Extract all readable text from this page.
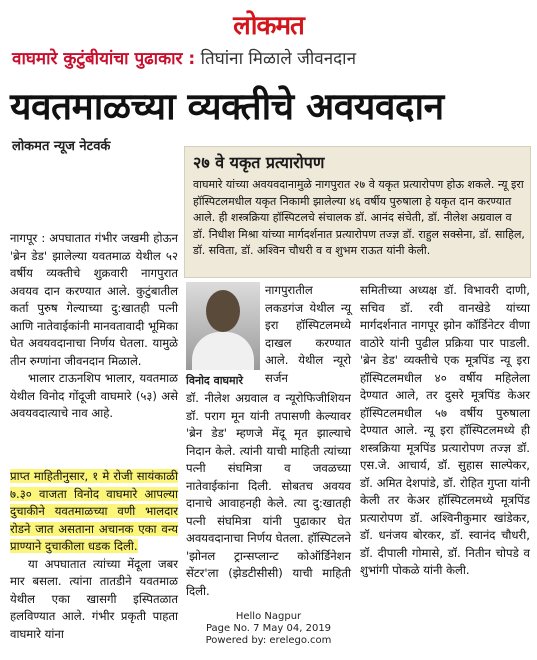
लोकमत
वाघमारे कुटुंबीयांचा पुढाकार : तिघांना मिळाले जीवनदान
यवतमाळच्या व्यक्तीचे अवयवदान
लोकमत न्यूज नेटवर्क
२७ वे यकृत प्रत्यारोपण
वाघमारे यांच्या अवयवदानामुळे नागपुरात २७ वे यकृत प्रत्यारोपण होऊ शकले. न्यू इरा हॉस्पिटलमधील यकृत निकामी झालेल्या ४६ वर्षीय पुरुषाला हे यकृत दान करण्यात आले. ही शस्त्रक्रिया हॉस्पिटलचे संचालक डॉ. आनंद संचेती, डॉ. नीलेश अग्रवाल व डॉ. निधीश मिश्रा यांच्या मार्गदर्शनात प्रत्यारोपण तज्ज्ञ डॉ. राहुल सक्सेना, डॉ. साहिल, डॉ. सविता, डॉ. अश्विन चौधरी व व शुभम राऊत यांनी केली.

नागपूर : अपघातात गंभीर जखमी होऊन 'ब्रेन डेड' झालेल्या यवतमाळ येथील ५२ वर्षीय व्यक्तीचे शुक्रवारी नागपुरात अवयव दान करण्यात आले. कुटुंबातील कर्ता पुरुष गेल्याच्या दु:खातही पत्नी आणि नातेवाईकांनी मानवतावादी भूमिका घेत अवयवदानाचा निर्णय घेतला. यामुळे तीन रुग्णांना जीवनदान मिळाले.

भालार टाऊनशिप भालार, यवतमाळ येथील विनोद गोंदूजी वाघमारे (५३) असे अवयवदात्याचे नाव आहे.

प्राप्त माहितीनुसार, १ मे रोजी सायंकाळी ७.३० वाजता विनोद वाघमारे आपल्या दुचाकीने यवतमाळच्या वणी भालदार रोडने जात असताना अचानक एका वन्य प्राण्याने दुचाकीला धडक दिली.

या अपघातात त्यांच्या मेंदूला जबर मार बसला. त्यांना तातडीने यवतमाळ येथील एका खासगी इस्पितळात हलविण्यात आले. गंभीर प्रकृती पाहता वाघमारे यांना

विनोद वाघमारे

नागपुरातील लकडगंज येथील न्यू इरा हॉस्पिटलमध्ये दाखल करण्यात आले. येथील न्यूरो सर्जन

डॉ. नीलेश अग्रवाल व न्यूरोफिजीशियन डॉ. पराग मून यांनी तपासणी केल्यावर 'ब्रेन डेड' म्हणजे मेंदू मृत झाल्याचे निदान केले. त्यांनी याची माहिती त्यांच्या पत्नी संघमित्रा व जवळच्या नातेवाईकांना दिली. सोबतच अवयव दानाचे आवाहनही केले. त्या दु:खातही पत्नी संघमित्रा यांनी पुढाकार घेत अवयवदानाचा निर्णय घेतला. हॉस्पिटलने 'झोनल ट्रान्सप्लान्ट कोऑर्डिनेशन सेंटर'ला (झेडटीसीसी) याची माहिती दिली.

समितीच्या अध्यक्ष डॉ. विभावरी दाणी, सचिव डॉ. रवी वानखेडे यांच्या मार्गदर्शनात नागपूर झोन कॉर्डिनेटर वीणा वाठोरे यांनी पुढील प्रक्रिया पार पाडली. 'ब्रेन डेड' व्यक्तीचे एक मूत्रपिंड न्यू इरा हॉस्पिटलमधील ४० वर्षीय महिलेला देण्यात आले, तर दुसरे मूत्रपिंड केअर हॉस्पिटलमधील ५७ वर्षीय पुरुषाला देण्यात आले. न्यू इरा हॉस्पिटलमध्ये ही शस्त्रक्रिया मूत्रपिंड प्रत्यारोपण तज्ज्ञ डॉ. एस.जे. आचार्य, डॉ. सुहास साल्पेकर, डॉ. अमित देशपांडे, डॉ. रोहित गुप्ता यांनी केली तर केअर हॉस्पिटलमध्ये मूत्रपिंड प्रत्यारोपण डॉ. अश्विनीकुमार खांडेकर, डॉ. धनंजय बोरकर, डॉ. स्वानंद चौधरी, डॉ. दीपाली गोमासे, डॉ. नितीन चोपडे व शुभांगी पोकळे यांनी केली.

Hello Nagpur
Page No. 7 May 04, 2019
Powered by: erelego.com
